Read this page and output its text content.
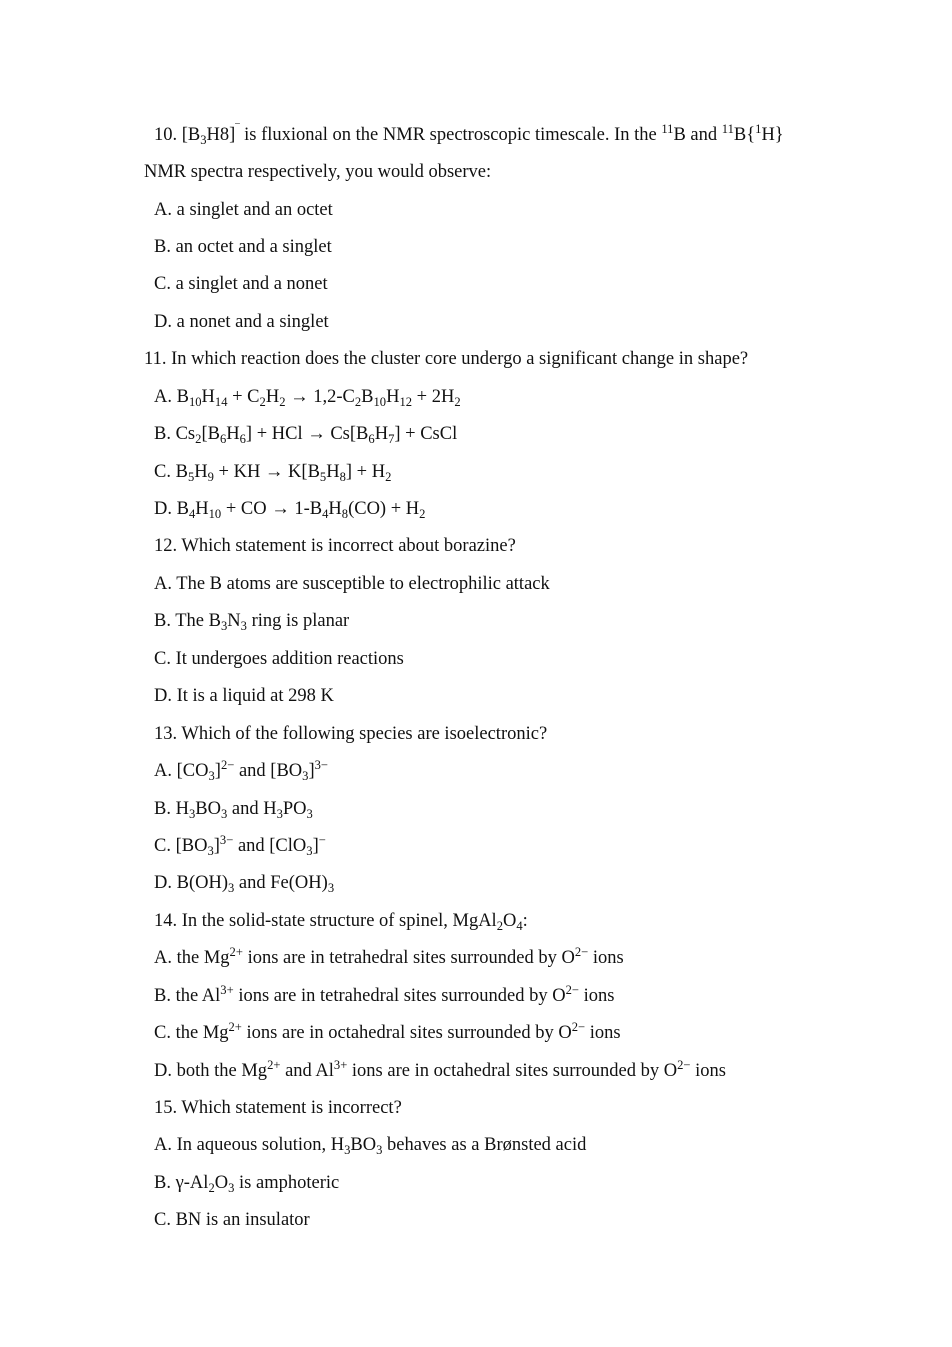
10. $[B_3H8]^‾$ is fluxional on the NMR spectroscopic timescale. In the $^{11}$B and $^{11}$B{$^1$H}
NMR spectra respectively, you would observe:
A. a singlet and an octet
B. an octet and a singlet
C. a singlet and a nonet
D. a nonet and a singlet
11. In which reaction does the cluster core undergo a significant change in shape?
A. $B_{10}H_{14} + C_2H_2 \to 1,2-C_2B_{10}H_{12} + 2H_2$
B. $Cs_2[B_6H_6]$ + HCl → $Cs[B_6H_7]$ + CsCl
C. $B_5H_9$ + KH → $K[B_5H_8] + H_2$
D. $B_4H_{10}$ + CO → $1-B_4H_8(CO) + H_2$
12. Which statement is incorrect about borazine?
A. The B atoms are susceptible to electrophilic attack
B. The $B_3N_3$ ring is planar
C. It undergoes addition reactions
D. It is a liquid at 298 K
13. Which of the following species are isoelectronic?
A. $[CO_3]^{2-}$ and $[BO_3]^{3-}$
B. $H_3BO_3$ and $H_3PO_3$
C. $[BO_3]^{3-}$ and [ClO$_3$]−
D. $B(OH)_3$ and $Fe(OH)_3$
14. In the solid-state structure of spinel, $MgAl_2O_4$:
A. the $Mg^{2+}$ ions are in tetrahedral sites surrounded by $O^{2-}$ ions
B. the $Al^{3+}$ ions are in tetrahedral sites surrounded by $O^{2-}$ ions
C. the $Mg^{2+}$ ions are in octahedral sites surrounded by $O^{2-}$ ions
D. both the $Mg^{2+}$ and $Al^{3+}$ ions are in octahedral sites surrounded by $O^{2-}$ ions
15. Which statement is incorrect?
A. In aqueous solution, $H_3BO_3$ behaves as a Brønsted acid
B. $\gamma-Al_2O_3$ is amphoteric
C. BN is an insulator
